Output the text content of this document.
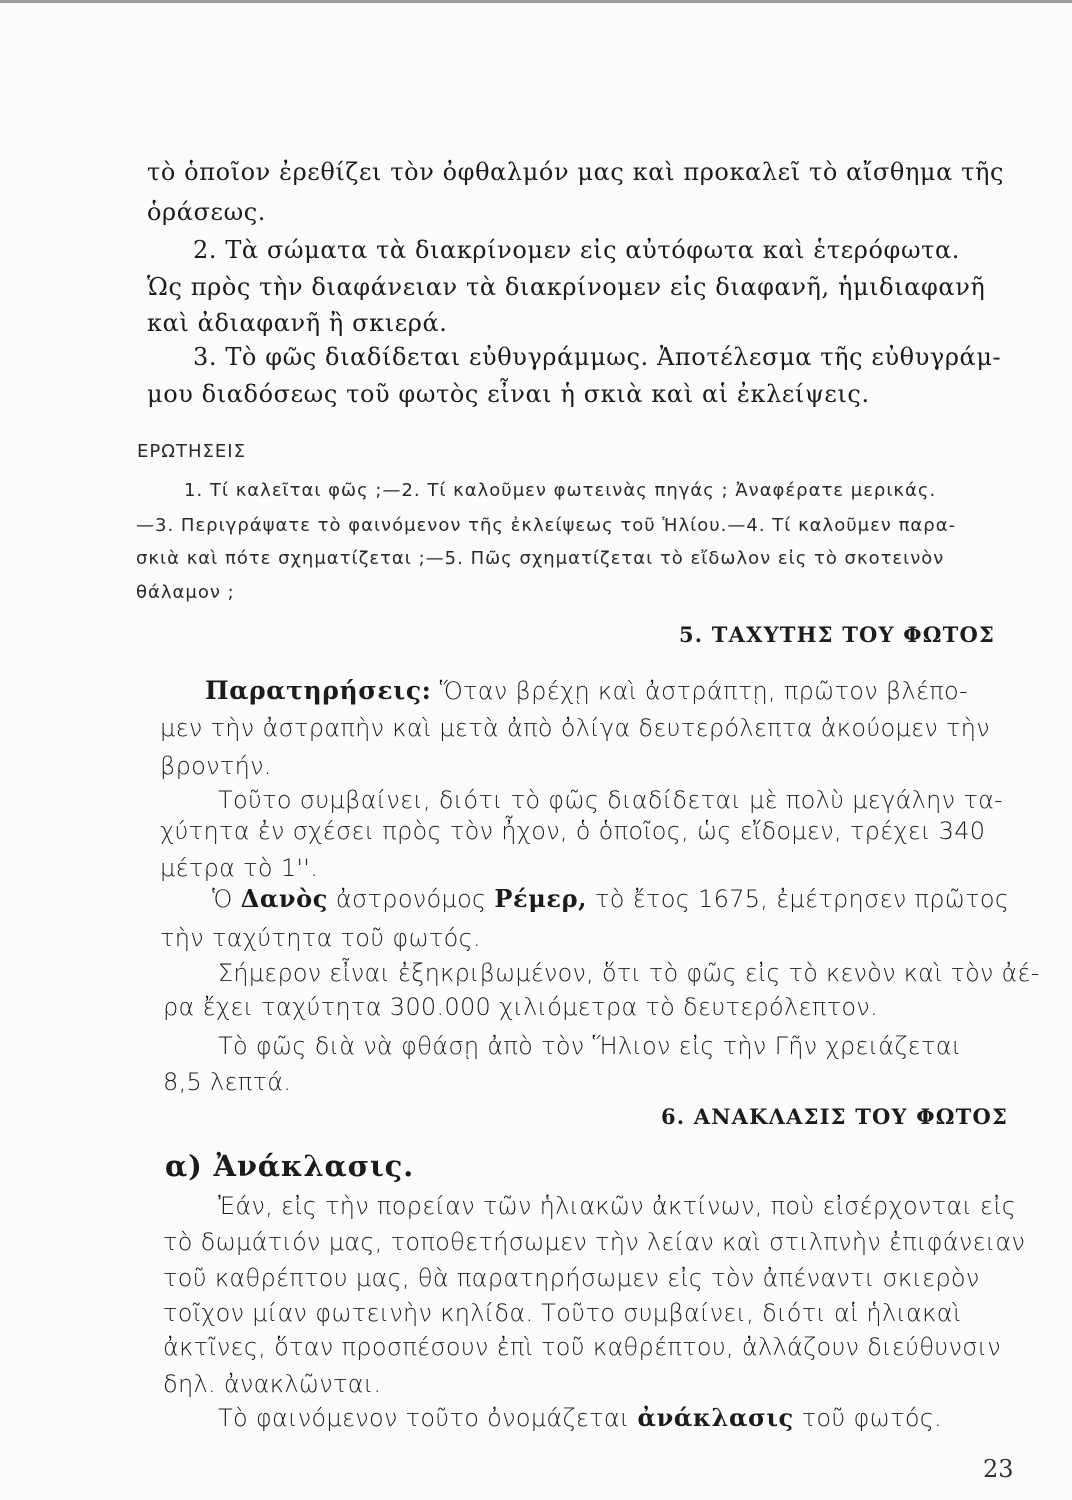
τὸ ὁποῖον ἐρεθίζει τὸν ὀφθαλμόν μας καὶ προκαλεῖ τὸ αἴσθημα τῆς
ὁράσεως.
2. Τὰ σώματα τὰ διακρίνομεν εἰς αὐτόφωτα καὶ ἑτερόφωτα.
Ὡς πρὸς τὴν διαφάνειαν τὰ διακρίνομεν εἰς διαφανῆ, ἡμιδιαφανῆ
καὶ ἀδιαφανῆ ἢ σκιερά.
3. Τὸ φῶς διαδίδεται εὐθυγράμμως. Ἀποτέλεσμα τῆς εὐθυγράμ-
μου διαδόσεως τοῦ φωτὸς εἶναι ἡ σκιὰ καὶ αἱ ἐκλείψεις.
ΕΡΩΤΗΣΕΙΣ
1. Τί καλεῖται φῶς ;—2. Τί καλοῦμεν φωτεινὰς πηγάς ; Ἀναφέρατε μερικάς.
—3. Περιγράψατε τὸ φαινόμενον τῆς ἐκλείψεως τοῦ Ἡλίου.—4. Τί καλοῦμεν παρα-
σκιὰ καὶ πότε σχηματίζεται ;—5. Πῶς σχηματίζεται τὸ εἴδωλον εἰς τὸ σκοτεινὸν
θάλαμον ;
5. ΤΑΧΥΤΗΣ ΤΟΥ ΦΩΤΟΣ
Παρατηρήσεις: Ὅταν βρέχῃ καὶ ἀστράπτῃ, πρῶτον βλέπο-
μεν τὴν ἀστραπὴν καὶ μετὰ ἀπὸ ὀλίγα δευτερόλεπτα ἀκούομεν τὴν
βροντήν.
Τοῦτο συμβαίνει, διότι τὸ φῶς διαδίδεται μὲ πολὺ μεγάλην τα-
χύτητα ἐν σχέσει πρὸς τὸν ἦχον, ὁ ὁποῖος, ὡς εἴδομεν, τρέχει 340
μέτρα τὸ 1''.
Ὁ Δανὸς ἀστρονόμος Ρέμερ, τὸ ἔτος 1675, ἐμέτρησεν πρῶτος
τὴν ταχύτητα τοῦ φωτός.
Σήμερον εἶναι ἐξηκριβωμένον, ὅτι τὸ φῶς εἰς τὸ κενὸν καὶ τὸν ἀέ-
ρα ἔχει ταχύτητα 300.000 χιλιόμετρα τὸ δευτερόλεπτον.
Τὸ φῶς διὰ νὰ φθάσῃ ἀπὸ τὸν Ἥλιον εἰς τὴν Γῆν χρειάζεται
8,5 λεπτά.
6. ΑΝΑΚΛΑΣΙΣ ΤΟΥ ΦΩΤΟΣ
α) Ἀνάκλασις.
Ἐάν, εἰς τὴν πορείαν τῶν ἡλιακῶν ἀκτίνων, ποὺ εἰσέρχονται εἰς
τὸ δωμάτιόν μας, τοποθετήσωμεν τὴν λείαν καὶ στιλπνὴν ἐπιφάνειαν
τοῦ καθρέπτου μας, θὰ παρατηρήσωμεν εἰς τὸν ἀπέναντι σκιερὸν
τοῖχον μίαν φωτεινὴν κηλίδα. Τοῦτο συμβαίνει, διότι αἱ ἡλιακαὶ
ἀκτῖνες, ὅταν προσπέσουν ἐπὶ τοῦ καθρέπτου, ἀλλάζουν διεύθυνσιν
δηλ. ἀνακλῶνται.
Τὸ φαινόμενον τοῦτο ὀνομάζεται ἀνάκλασις τοῦ φωτός.
23
